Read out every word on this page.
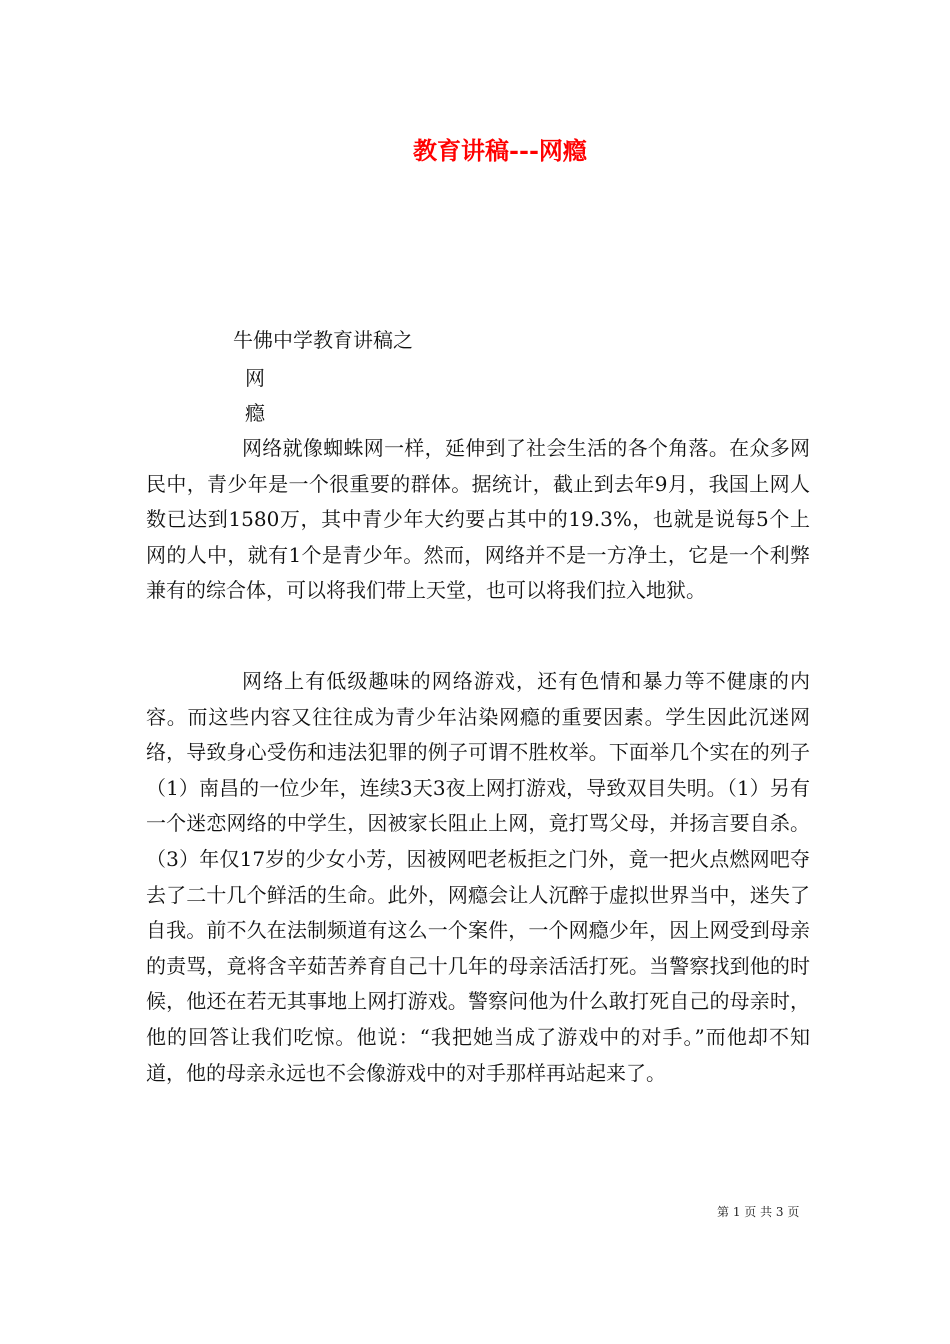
教育讲稿---网瘾
牛佛中学教育讲稿之
网
瘾

网络就像蜘蛛网一样，延伸到了社会生活的各个角落。在众多网民中，青少年是一个很重要的群体。据统计，截止到去年9月，我国上网人数已达到1580万，其中青少年大约要占其中的19.3%，也就是说每5个上网的人中，就有1个是青少年。然而，网络并不是一方净土，它是一个利弊兼有的综合体，可以将我们带上天堂，也可以将我们拉入地狱。

网络上有低级趣味的网络游戏，还有色情和暴力等不健康的内容。而这些内容又往往成为青少年沾染网瘾的重要因素。学生因此沉迷网络，导致身心受伤和违法犯罪的例子可谓不胜枚举。下面举几个实在的列子（1）南昌的一位少年，连续3天3夜上网打游戏，导致双目失明。（1）另有一个迷恋网络的中学生，因被家长阻止上网，竟打骂父母，并扬言要自杀。（3）年仅17岁的少女小芳，因被网吧老板拒之门外，竟一把火点燃网吧夺去了二十几个鲜活的生命。此外，网瘾会让人沉醉于虚拟世界当中，迷失了自我。前不久在法制频道有这么一个案件，一个网瘾少年，因上网受到母亲的责骂，竟将含辛茹苦养育自己十几年的母亲活活打死。当警察找到他的时候，他还在若无其事地上网打游戏。警察问他为什么敢打死自己的母亲时，他的回答让我们吃惊。他说：“我把她当成了游戏中的对手。”而他却不知道，他的母亲永远也不会像游戏中的对手那样再站起来了。

第 1 页 共 3 页
